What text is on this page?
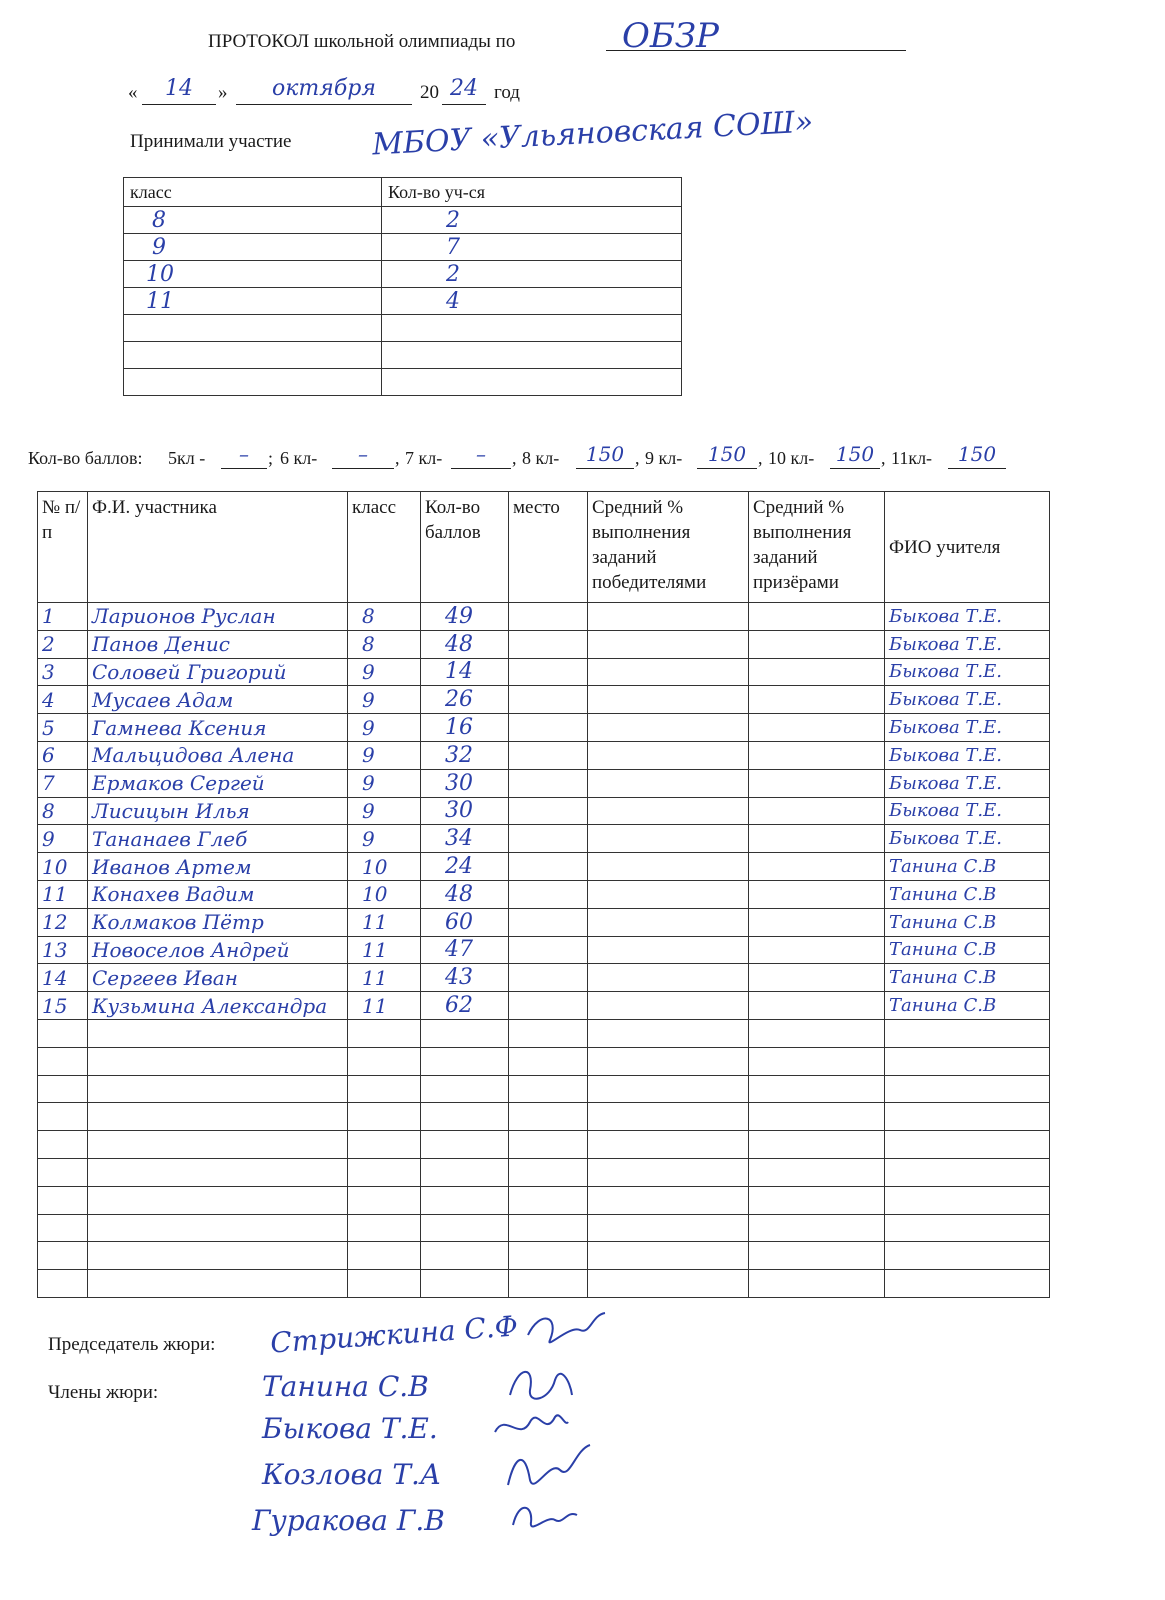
ПРОТОКОЛ школьной олимпиады по	ОБЗР
«	14	»	октября	20 24 год
Принимали участие	МБОУ «Ульяновская СОШ»
класс	Кол-во уч-ся
8	2
9	7
10	2
11	4

Кол-во баллов: 5кл -	–	; 6 кл-	–	, 7 кл-	–	, 8 кл-	150 , 9 кл-	150 , 10 кл- 150 , 11кл-	150
№ п/п	Ф.И. участника	класс	Кол-во баллов	место	Средний % выполнения заданий победителями	Средний % выполнения заданий призёрами	ФИО учителя
1	Ларионов Руслан	8	49				Быкова Т.Е.
2	Панов Денис	8	48				Быкова Т.Е.
3	Соловей Григорий	9	14				Быкова Т.Е.
4	Мусаев Адам	9	26				Быкова Т.Е.
5	Гамнева Ксения	9	16				Быкова Т.Е.
6	Мальцидова Алена	9	32				Быкова Т.Е.
7	Ермаков Сергей	9	30				Быкова Т.Е.
8	Лисицын Илья	9	30				Быкова Т.Е.
9	Тананаев Глеб	9	34				Быкова Т.Е.
10	Иванов Артем	10	24				Танина С.В
11	Конахев Вадим	10	48				Танина С.В
12	Колмаков Пётр	11	60				Танина С.В
13	Новоселов Андрей	11	47				Танина С.В
14	Сергеев Иван	11	43				Танина С.В
15	Кузьмина Александра	11	62				Танина С.В

Председатель жюри: Стрижкина С.Ф
Члены жюри:	Танина С.В
Быкова Т.Е.
Козлова Т.А
Гуракова Г.В
